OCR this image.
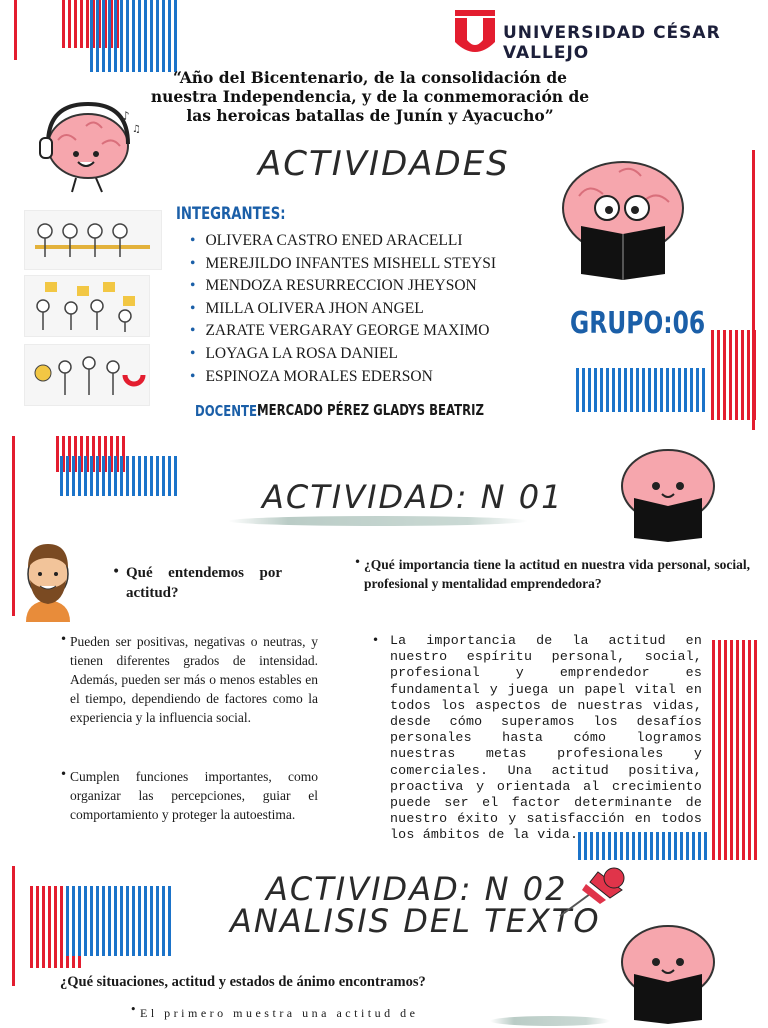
UNIVERSIDAD CÉSAR VALLEJO
“Año del Bicentenario, de la consolidación de nuestra Independencia, y de la conmemoración de las heroicas batallas de Junín y Ayacucho”
♪
♫
ACTIVIDADES
INTEGRANTES:
• OLIVERA CASTRO ENED ARACELLI
• MEREJILDO INFANTES MISHELL STEYSI
• MENDOZA RESURRECCION JHEYSON
• MILLA OLIVERA JHON ANGEL
• ZARATE VERGARAY GEORGE MAXIMO
• LOYAGA LA ROSA DANIEL
• ESPINOZA MORALES EDERSON
DOCENTE:
MERCADO PÉREZ GLADYS BEATRIZ
GRUPO:06
ACTIVIDAD: N 01
• Qué entendemos por actitud?
• Pueden ser positivas, negativas o neutras, y tienen diferentes grados de intensidad. Además, pueden ser más o menos estables en el tiempo, dependiendo de factores como la experiencia y la influencia social.
• Cumplen funciones importantes, como organizar las percepciones, guiar el comportamiento y proteger la autoestima.
• ¿Qué importancia tiene la actitud en nuestra vida personal, social, profesional y mentalidad emprendedora?
• La importancia de la actitud en nuestro espíritu personal, social, profesional y emprendedor es fundamental y juega un papel vital en todos los aspectos de nuestras vidas, desde cómo superamos los desafíos personales hasta cómo logramos nuestras metas profesionales y comerciales. Una actitud positiva, proactiva y orientada al crecimiento puede ser el factor determinante de nuestro éxito y satisfacción en todos los ámbitos de la vida.
ACTIVIDAD: N 02
ANALISIS DEL TEXTO
¿Qué situaciones, actitud y estados de ánimo encontramos?
• El primero muestra una actitud de
